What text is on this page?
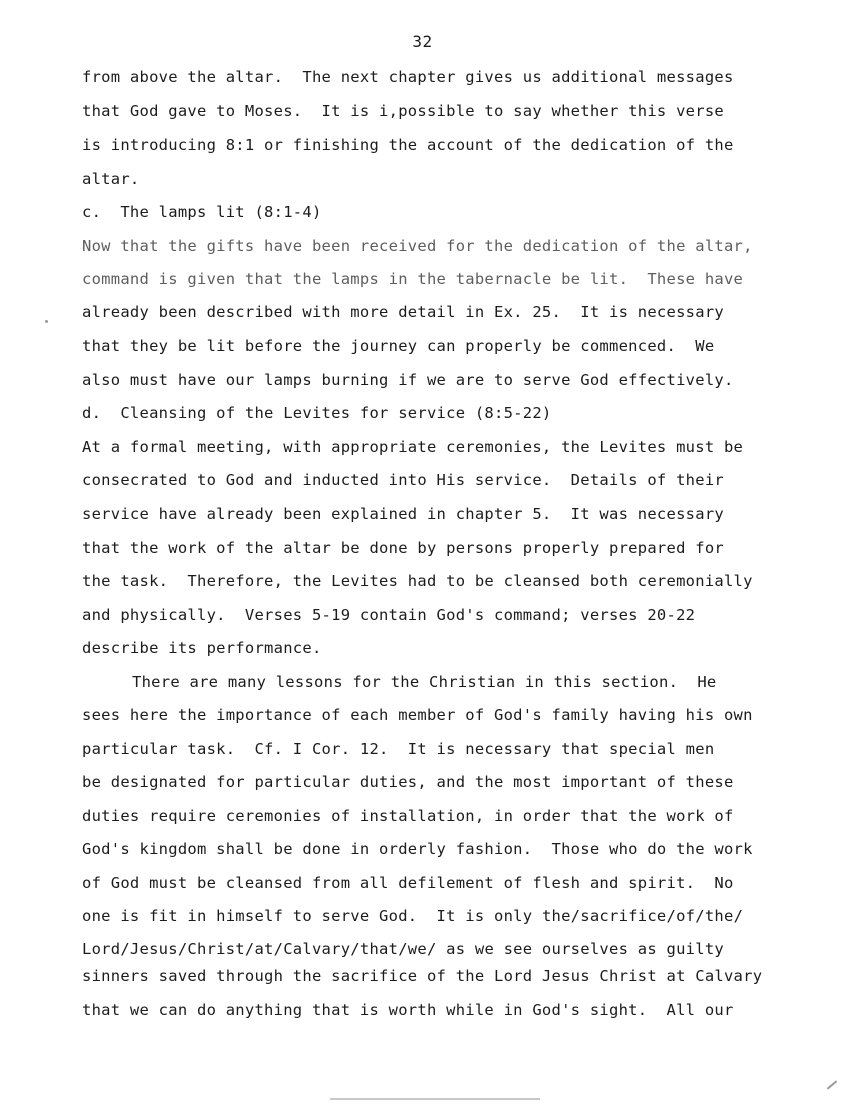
32
from above the altar.  The next chapter gives us additional messages
that God gave to Moses.  It is i,possible to say whether this verse
is introducing 8:1 or finishing the account of the dedication of the
altar.
c.  The lamps lit (8:1-4)
Now that the gifts have been received for the dedication of the altar,
command is given that the lamps in the tabernacle be lit.  These have
already been described with more detail in Ex. 25.  It is necessary
that they be lit before the journey can properly be commenced.  We
also must have our lamps burning if we are to serve God effectively.
d.  Cleansing of the Levites for service (8:5-22)
At a formal meeting, with appropriate ceremonies, the Levites must be
consecrated to God and inducted into His service.  Details of their
service have already been explained in chapter 5.  It was necessary
that the work of the altar be done by persons properly prepared for
the task.  Therefore, the Levites had to be cleansed both ceremonially
and physically.  Verses 5-19 contain God's command; verses 20-22
describe its performance.
There are many lessons for the Christian in this section.  He
sees here the importance of each member of God's family having his own
particular task.  Cf. I Cor. 12.  It is necessary that special men
be designated for particular duties, and the most important of these
duties require ceremonies of installation, in order that the work of
God's kingdom shall be done in orderly fashion.  Those who do the work
of God must be cleansed from all defilement of flesh and spirit.  No
one is fit in himself to serve God.  It is only the/sacrifice/of/the/
Lord/Jesus/Christ/at/Calvary/that/we/ as we see ourselves as guilty
sinners saved through the sacrifice of the Lord Jesus Christ at Calvary
that we can do anything that is worth while in God's sight.  All our
